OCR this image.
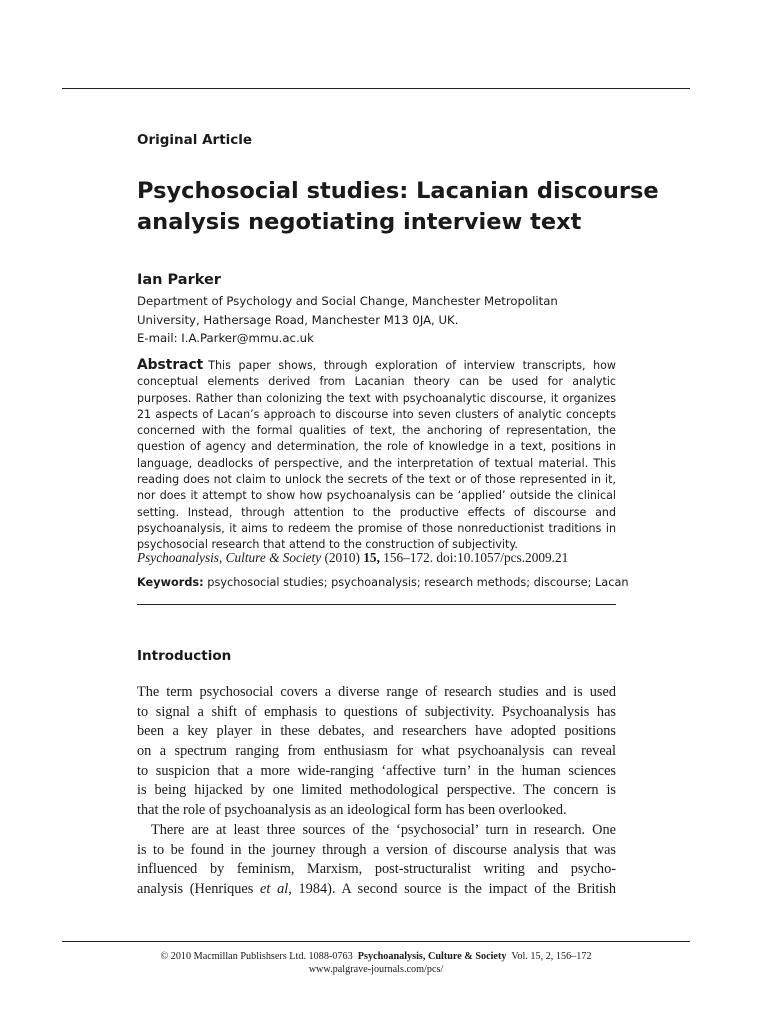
Original Article
Psychosocial studies: Lacanian discourse
analysis negotiating interview text
Ian Parker
Department of Psychology and Social Change, Manchester Metropolitan
University, Hathersage Road, Manchester M13 0JA, UK.
E-mail: I.A.Parker@mmu.ac.uk
Abstract This paper shows, through exploration of interview transcripts, how conceptual elements derived from Lacanian theory can be used for analytic purposes. Rather than colonizing the text with psychoanalytic discourse, it organizes 21 aspects of Lacan’s approach to discourse into seven clusters of analytic concepts concerned with the formal qualities of text, the anchoring of representation, the question of agency and determination, the role of knowledge in a text, positions in language, deadlocks of perspective, and the interpretation of textual material. This reading does not claim to unlock the secrets of the text or of those represented in it, nor does it attempt to show how psychoanalysis can be ‘applied’ outside the clinical setting. Instead, through attention to the productive effects of discourse and psychoanalysis, it aims to redeem the promise of those nonreductionist traditions in psychosocial research that attend to the construction of subjectivity.
Psychoanalysis, Culture & Society (2010) 15, 156–172. doi:10.1057/pcs.2009.21
Keywords: psychosocial studies; psychoanalysis; research methods; discourse; Lacan
Introduction
The term psychosocial covers a diverse range of research studies and is used
to signal a shift of emphasis to questions of subjectivity. Psychoanalysis has
been a key player in these debates, and researchers have adopted positions
on a spectrum ranging from enthusiasm for what psychoanalysis can reveal
to suspicion that a more wide-ranging ‘affective turn’ in the human sciences
is being hijacked by one limited methodological perspective. The concern is
that the role of psychoanalysis as an ideological form has been overlooked.
There are at least three sources of the ‘psychosocial’ turn in research. One
is to be found in the journey through a version of discourse analysis that was
influenced by feminism, Marxism, post-structuralist writing and psycho-
analysis (Henriques et al, 1984). A second source is the impact of the British
© 2010 Macmillan Publishsers Ltd. 1088-0763 Psychoanalysis, Culture & Society Vol. 15, 2, 156–172
www.palgrave-journals.com/pcs/
